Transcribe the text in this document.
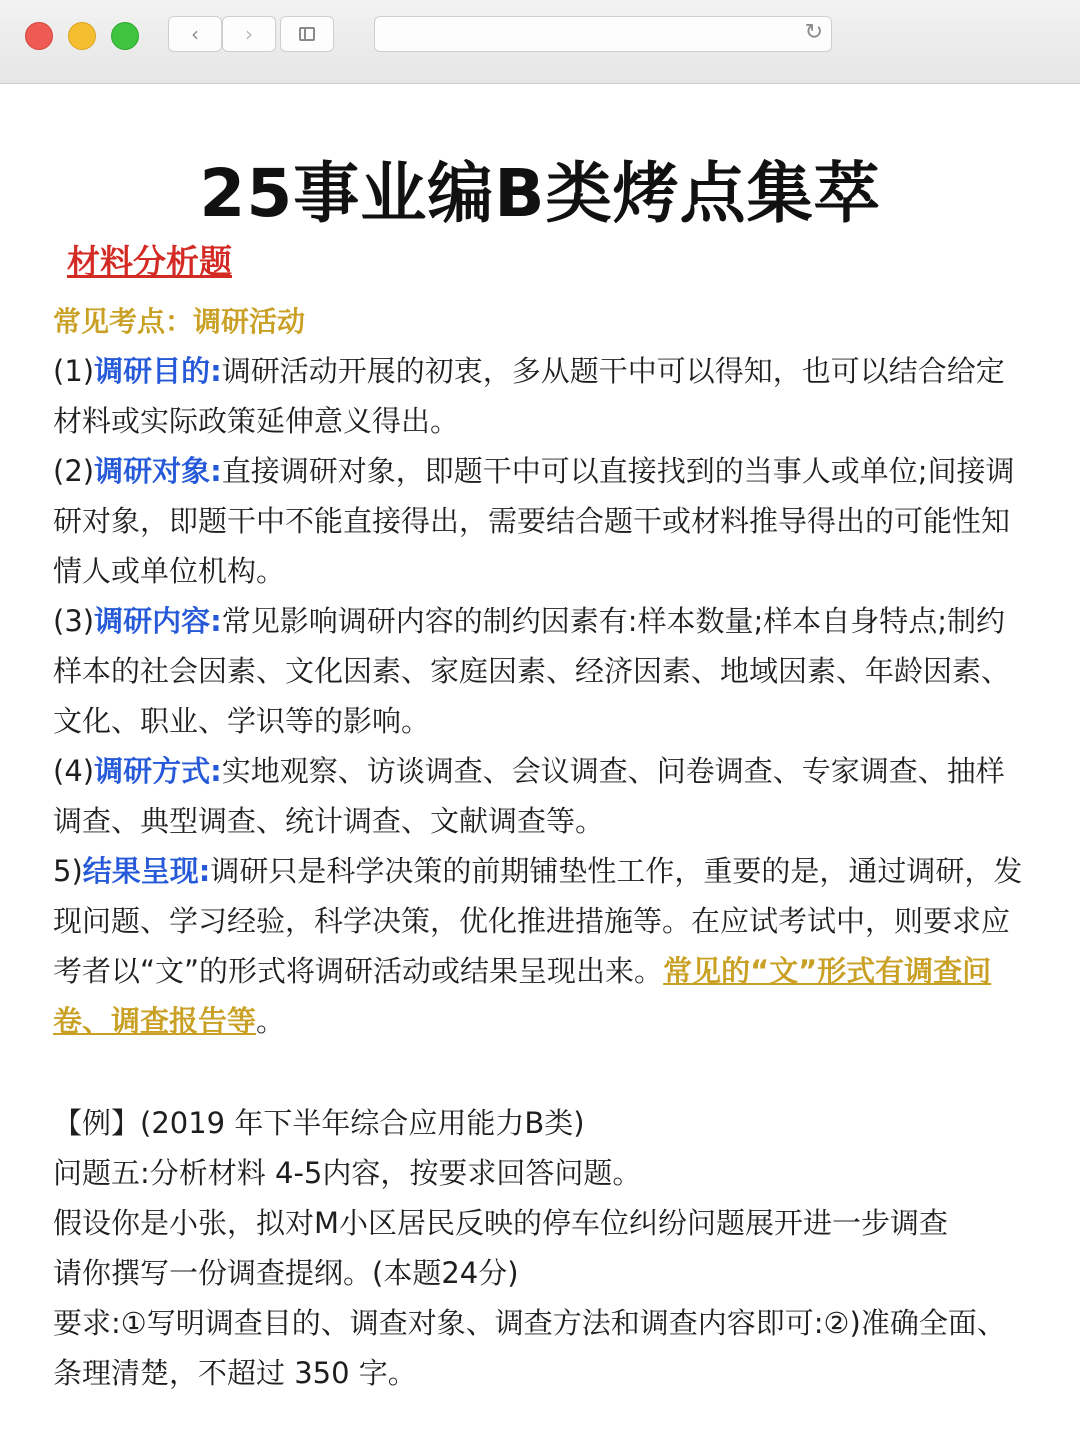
‹ ›	↻
25事业编B类烤点集萃
材料分析题
常见考点：调研活动

(1)调研目的:调研活动开展的初衷，多从题干中可以得知，也可以结合给定材料或实际政策延伸意义得出。

(2)调研对象:直接调研对象，即题干中可以直接找到的当事人或单位;间接调研对象，即题干中不能直接得出，需要结合题干或材料推导得出的可能性知情人或单位机构。

(3)调研内容:常见影响调研内容的制约因素有:样本数量;样本自身特点;制约样本的社会因素、文化因素、家庭因素、经济因素、地域因素、年龄因素、文化、职业、学识等的影响。

(4)调研方式:实地观察、访谈调查、会议调查、问卷调查、专家调查、抽样调查、典型调查、统计调查、文献调查等。

5)结果呈现:调研只是科学决策的前期铺垫性工作，重要的是，通过调研，发现问题、学习经验，科学决策，优化推进措施等。在应试考试中，则要求应考者以“文”的形式将调研活动或结果呈现出来。常见的“文”形式有调查问卷、调查报告等。

【例】(2019 年下半年综合应用能力B类)

问题五:分析材料 4-5内容，按要求回答问题。

假设你是小张，拟对M小区居民反映的停车位纠纷问题展开进一步调查

请你撰写一份调查提纲。(本题24分)

要求:①写明调查目的、调查对象、调查方法和调查内容即可:②)准确全面、条理清楚，不超过 350 字。
